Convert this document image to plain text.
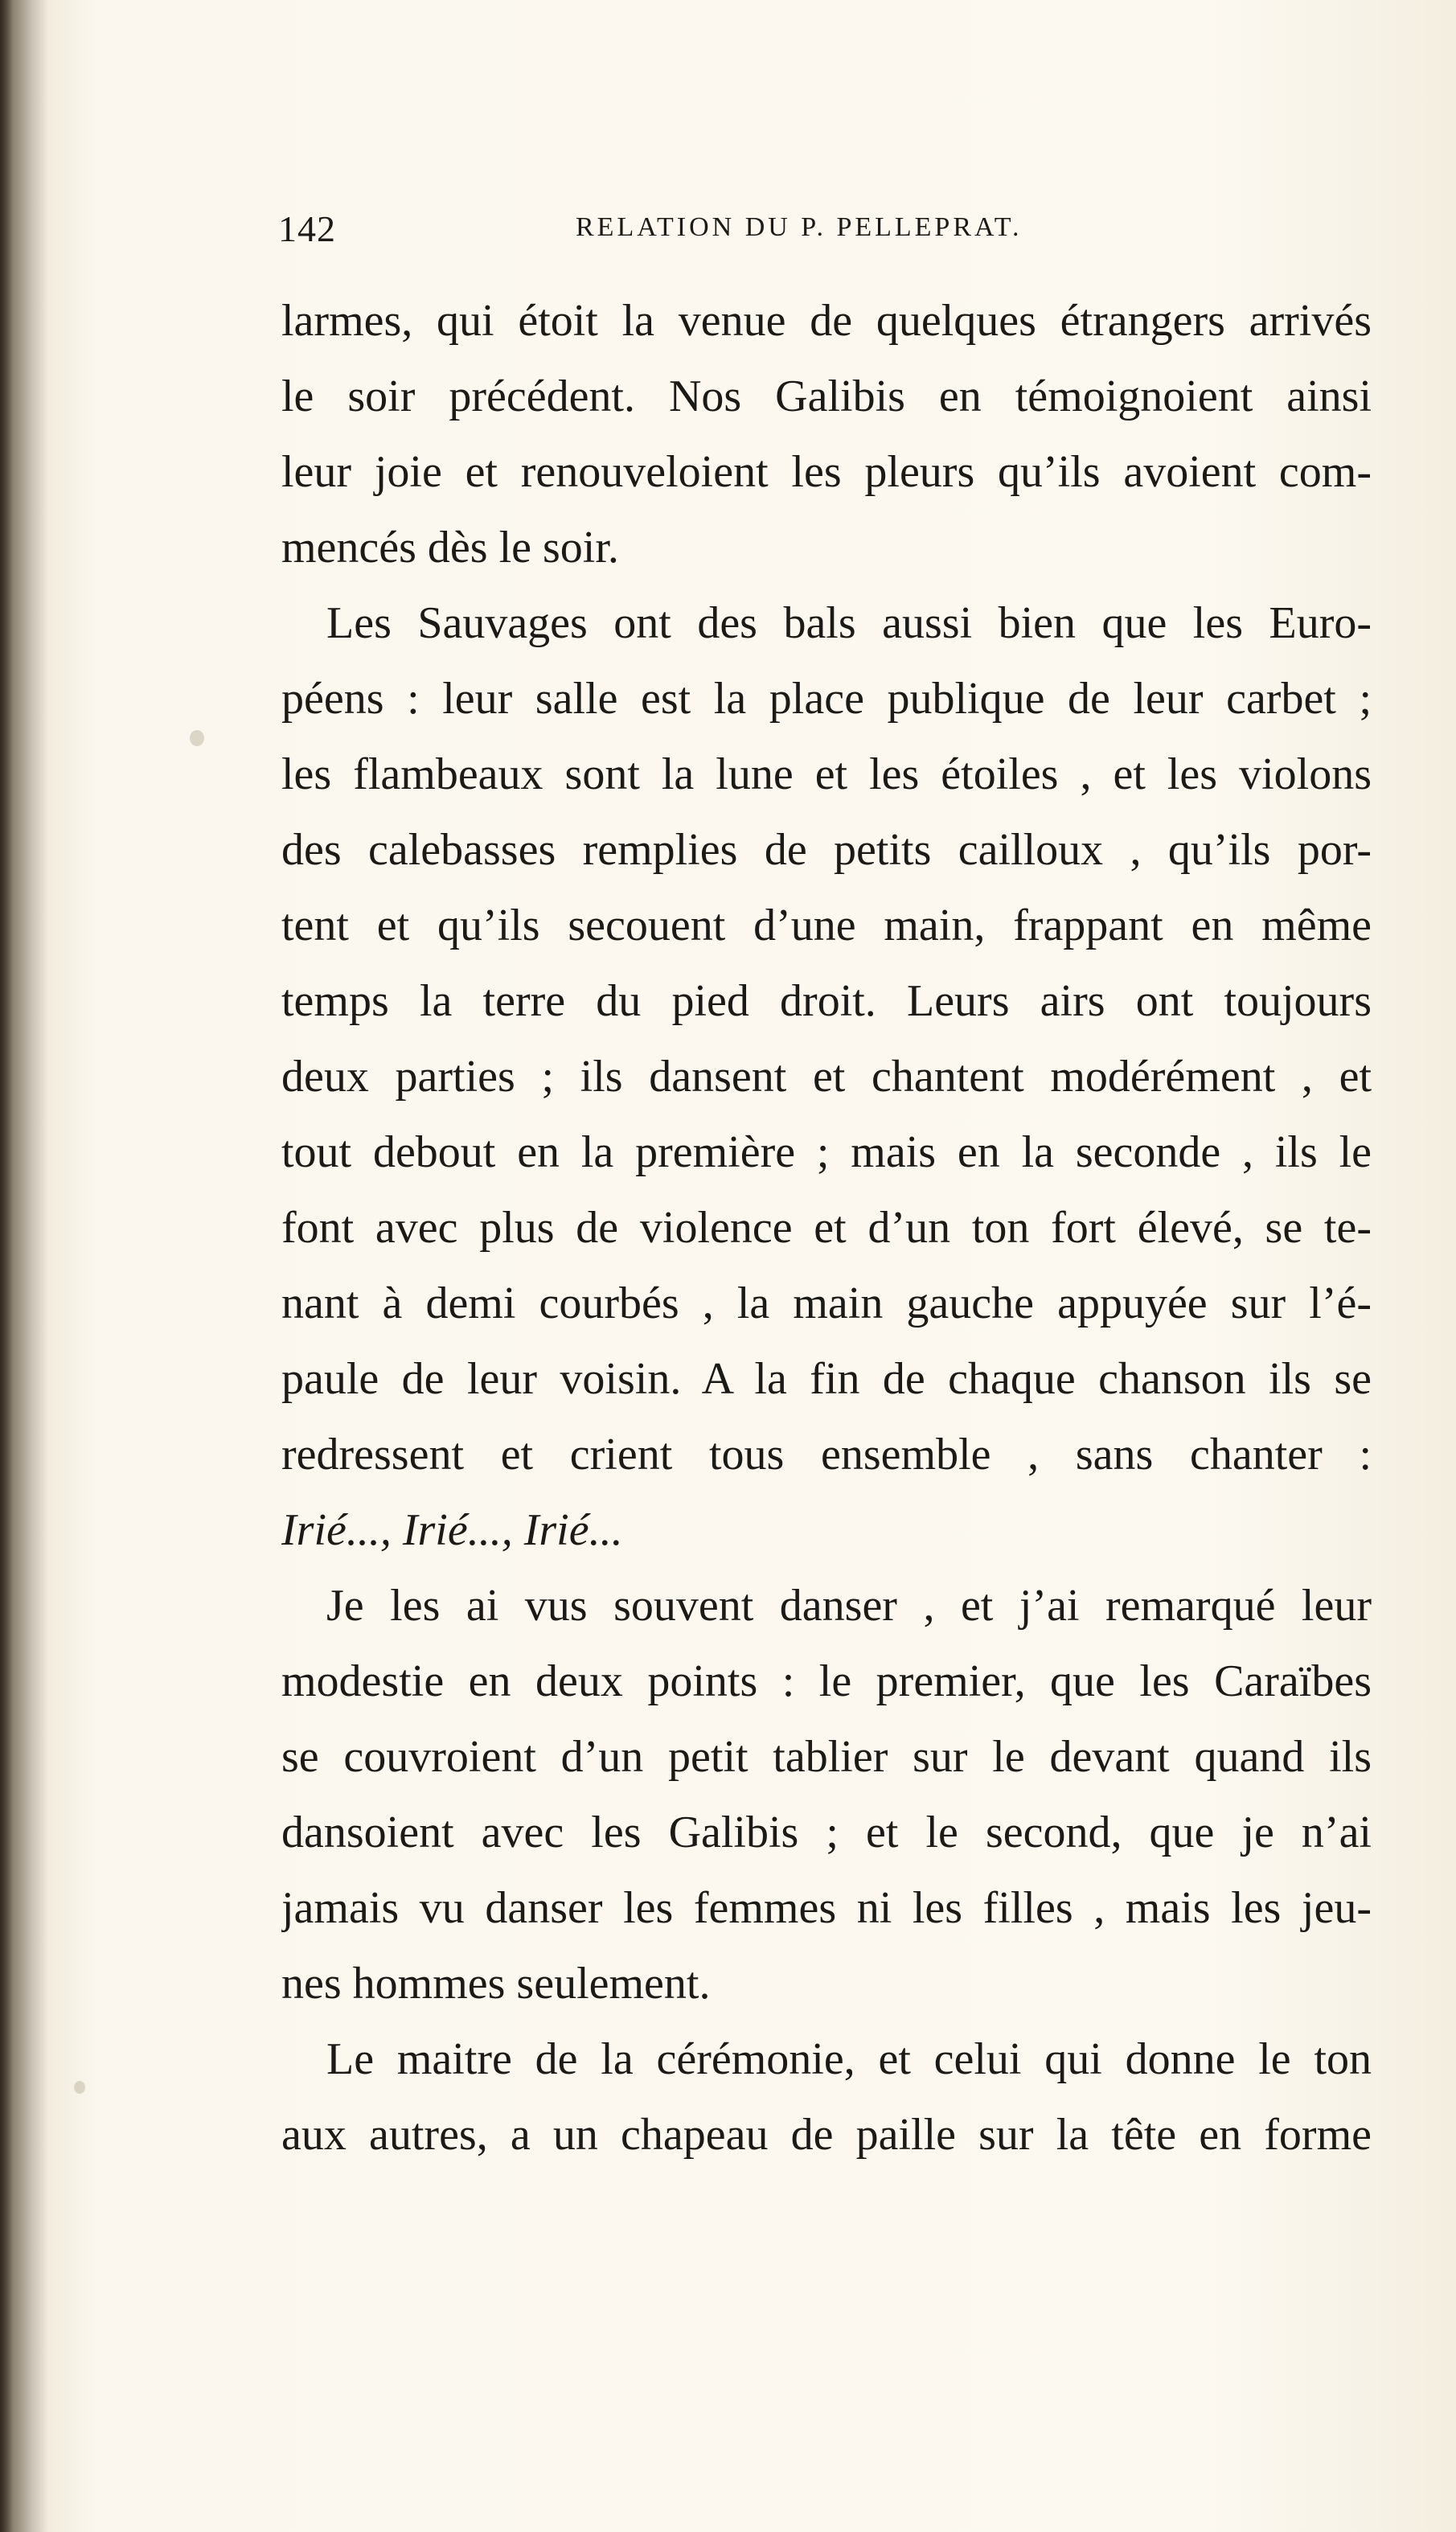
142	RELATION DU P. PELLEPRAT.
larmes, qui étoit la venue de quelques étrangers arrivés
le soir précédent. Nos Galibis en témoignoient ainsi
leur joie et renouveloient les pleurs qu’ils avoient com-
mencés dès le soir.
Les Sauvages ont des bals aussi bien que les Euro-
péens : leur salle est la place publique de leur carbet ;
les flambeaux sont la lune et les étoiles , et les violons
des calebasses remplies de petits cailloux , qu’ils por-
tent et qu’ils secouent d’une main, frappant en même
temps la terre du pied droit. Leurs airs ont toujours
deux parties ; ils dansent et chantent modérément , et
tout debout en la première ; mais en la seconde , ils le
font avec plus de violence et d’un ton fort élevé, se te-
nant à demi courbés , la main gauche appuyée sur l’é-
paule de leur voisin. A la fin de chaque chanson ils se
redressent et crient tous ensemble , sans chanter :
Irié..., Irié..., Irié...
Je les ai vus souvent danser , et j’ai remarqué leur
modestie en deux points : le premier, que les Caraïbes
se couvroient d’un petit tablier sur le devant quand ils
dansoient avec les Galibis ; et le second, que je n’ai
jamais vu danser les femmes ni les filles , mais les jeu-
nes hommes seulement.
Le maitre de la cérémonie, et celui qui donne le ton
aux autres, a un chapeau de paille sur la tête en forme
